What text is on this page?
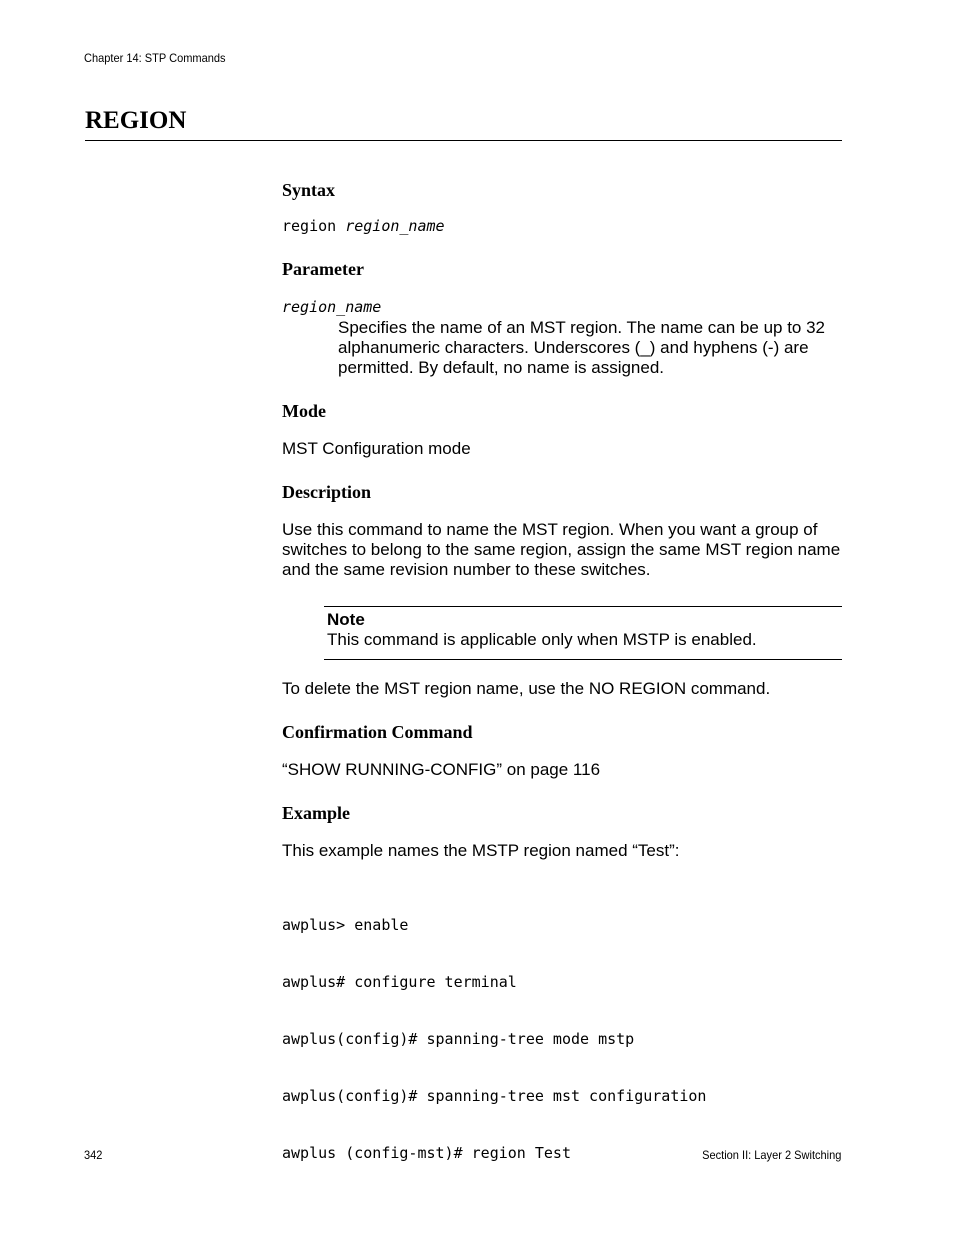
Chapter 14: STP Commands
REGION
Syntax
region region_name
Parameter
region_name
Specifies the name of an MST region. The name can be up to 32 alphanumeric characters. Underscores (_) and hyphens (-) are permitted. By default, no name is assigned.
Mode
MST Configuration mode
Description
Use this command to name the MST region. When you want a group of switches to belong to the same region, assign the same MST region name and the same revision number to these switches.
Note
This command is applicable only when MSTP is enabled.
To delete the MST region name, use the NO REGION command.
Confirmation Command
“SHOW RUNNING-CONFIG” on page 116
Example
This example names the MSTP region named “Test”:

awplus> enable

awplus# configure terminal

awplus(config)# spanning-tree mode mstp

awplus(config)# spanning-tree mst configuration

awplus (config-mst)# region Test

342	Section II: Layer 2 Switching
